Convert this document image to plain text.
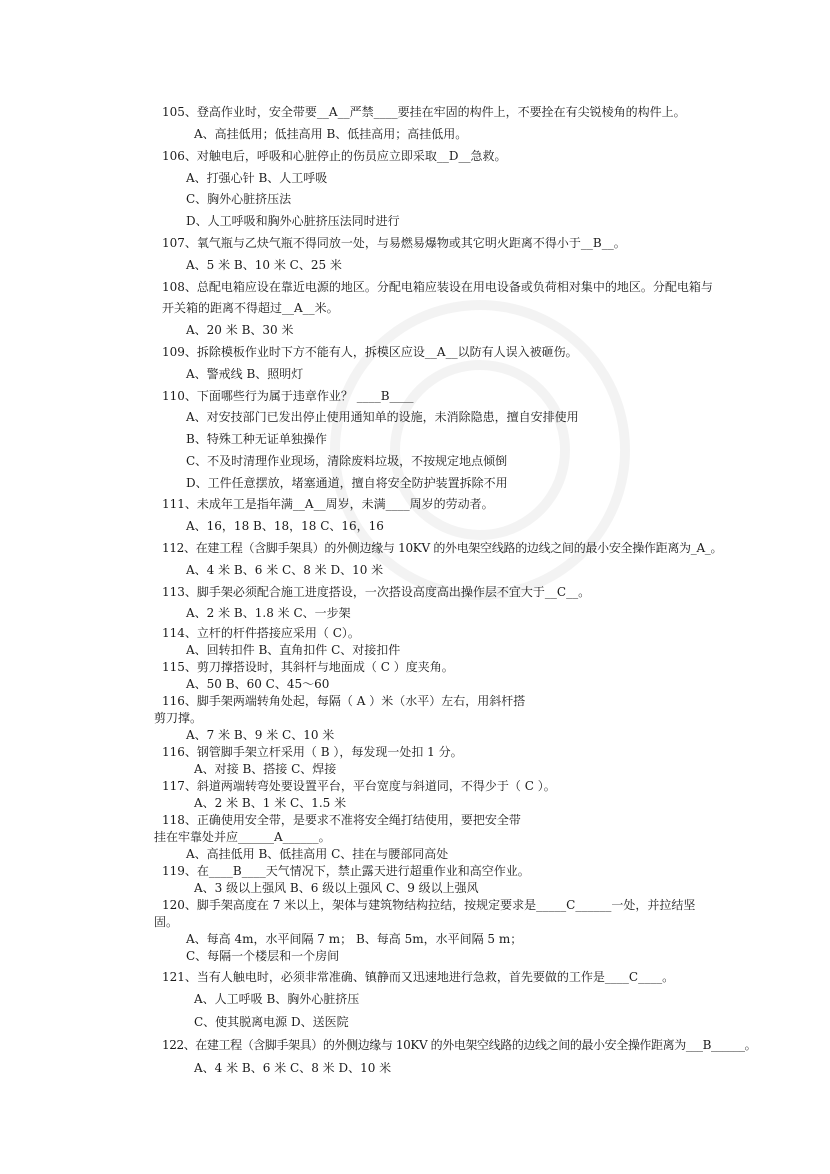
105、登高作业时，安全带要__A__严禁____要挂在牢固的构件上，不要拴在有尖锐棱角的构件上。
A、高挂低用；低挂高用 B、低挂高用；高挂低用。
106、对触电后，呼吸和心脏停止的伤员应立即采取__D__急救。
A、打强心针 B、人工呼吸
C、胸外心脏挤压法
D、人工呼吸和胸外心脏挤压法同时进行
107、氧气瓶与乙炔气瓶不得同放一处，与易燃易爆物或其它明火距离不得小于__B__。
A、5 米 B、10 米 C、25 米
108、总配电箱应设在靠近电源的地区。分配电箱应装设在用电设备或负荷相对集中的地区。分配电箱与
开关箱的距离不得超过__A__米。
A、20 米 B、30 米
109、拆除模板作业时下方不能有人，拆模区应设__A__以防有人误入被砸伤。
A、警戒线 B、照明灯
110、下面哪些行为属于违章作业？ ____B____
A、对安技部门已发出停止使用通知单的设施，未消除隐患，擅自安排使用
B、特殊工种无证单独操作
C、不及时清理作业现场，清除废料垃圾，不按规定地点倾倒
D、工件任意摆放，堵塞通道，擅自将安全防护装置拆除不用
111、未成年工是指年满__A__周岁，未满____周岁的劳动者。
A、16，18 B、18，18 C、16，16
112、在建工程（含脚手架具）的外侧边缘与 10KV 的外电架空线路的边线之间的最小安全操作距离为_A_。
A、4 米 B、6 米 C、8 米 D、10 米
113、脚手架必须配合施工进度搭设，一次搭设高度高出操作层不宜大于__C__。
A、2 米 B、1.8 米 C、一步架
114、立杆的杆件搭接应采用（ C）。
A、回转扣件 B、直角扣件 C、对接扣件
115、剪刀撑搭设时，其斜杆与地面成（ C ）度夹角。
A、50 B、60 C、45～60
116、脚手架两端转角处起，每隔（ A ）米（水平）左右，用斜杆搭
剪刀撑。
A、7 米 B、9 米 C、10 米
116、钢管脚手架立杆采用（ B ），每发现一处扣 1 分。
A、对接 B、搭接 C、焊接
117、斜道两端转弯处要设置平台，平台宽度与斜道同，不得少于（ C ）。
A、2 米 B、1 米 C、1.5 米
118、正确使用安全带，是要求不准将安全绳打结使用，要把安全带
挂在牢靠处并应______A______。
A、高挂低用 B、低挂高用 C、挂在与腰部同高处
119、在____B____天气情况下，禁止露天进行超重作业和高空作业。
A、3 级以上强风 B、6 级以上强风 C、9 级以上强风
120、脚手架高度在 7 米以上，架体与建筑物结构拉结，按规定要求是_____C______一处，并拉结坚
固。
A、每高 4m，水平间隔 7 m； B、每高 5m，水平间隔 5 m；
C、每隔一个楼层和一个房间
121、当有人触电时，必须非常准确、镇静而又迅速地进行急救，首先要做的工作是____C____。
A、人工呼吸 B、胸外心脏挤压
C、使其脱离电源 D、送医院
122、在建工程（含脚手架具）的外侧边缘与 10KV 的外电架空线路的边线之间的最小安全操作距离为___B______。
A、4 米 B、6 米 C、8 米 D、10 米
